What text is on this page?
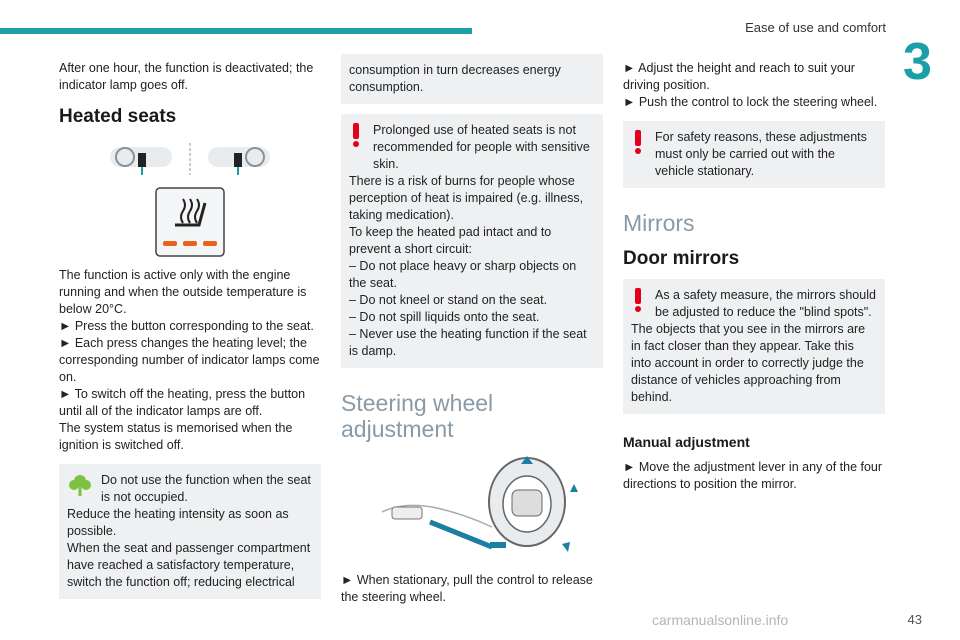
Ease of use and comfort
3

After one hour, the function is deactivated; the indicator lamp goes off.

Heated seats

The function is active only with the engine running and when the outside temperature is below 20°C.

► Press the button corresponding to the seat.

► Each press changes the heating level; the corresponding number of indicator lamps come on.

► To switch off the heating, press the button until all of the indicator lamps are off.

The system status is memorised when the ignition is switched off.

Do not use the function when the seat is not occupied.

Reduce the heating intensity as soon as possible.

When the seat and passenger compartment have reached a satisfactory temperature, switch the function off; reducing electrical

consumption in turn decreases energy consumption.

Prolonged use of heated seats is not recommended for people with sensitive skin.

There is a risk of burns for people whose perception of heat is impaired (e.g. illness, taking medication).

To keep the heated pad intact and to prevent a short circuit:

– Do not place heavy or sharp objects on the seat.

– Do not kneel or stand on the seat.

– Do not spill liquids onto the seat.

– Never use the heating function if the seat is damp.

Steering wheel adjustment

► When stationary, pull the control to release the steering wheel.

► Adjust the height and reach to suit your driving position.

► Push the control to lock the steering wheel.

For safety reasons, these adjustments must only be carried out with the vehicle stationary.

Mirrors
Door mirrors

As a safety measure, the mirrors should be adjusted to reduce the "blind spots".

The objects that you see in the mirrors are in fact closer than they appear. Take this into account in order to correctly judge the distance of vehicles approaching from behind.

Manual adjustment

► Move the adjustment lever in any of the four directions to position the mirror.

carmanualsonline.info	43
